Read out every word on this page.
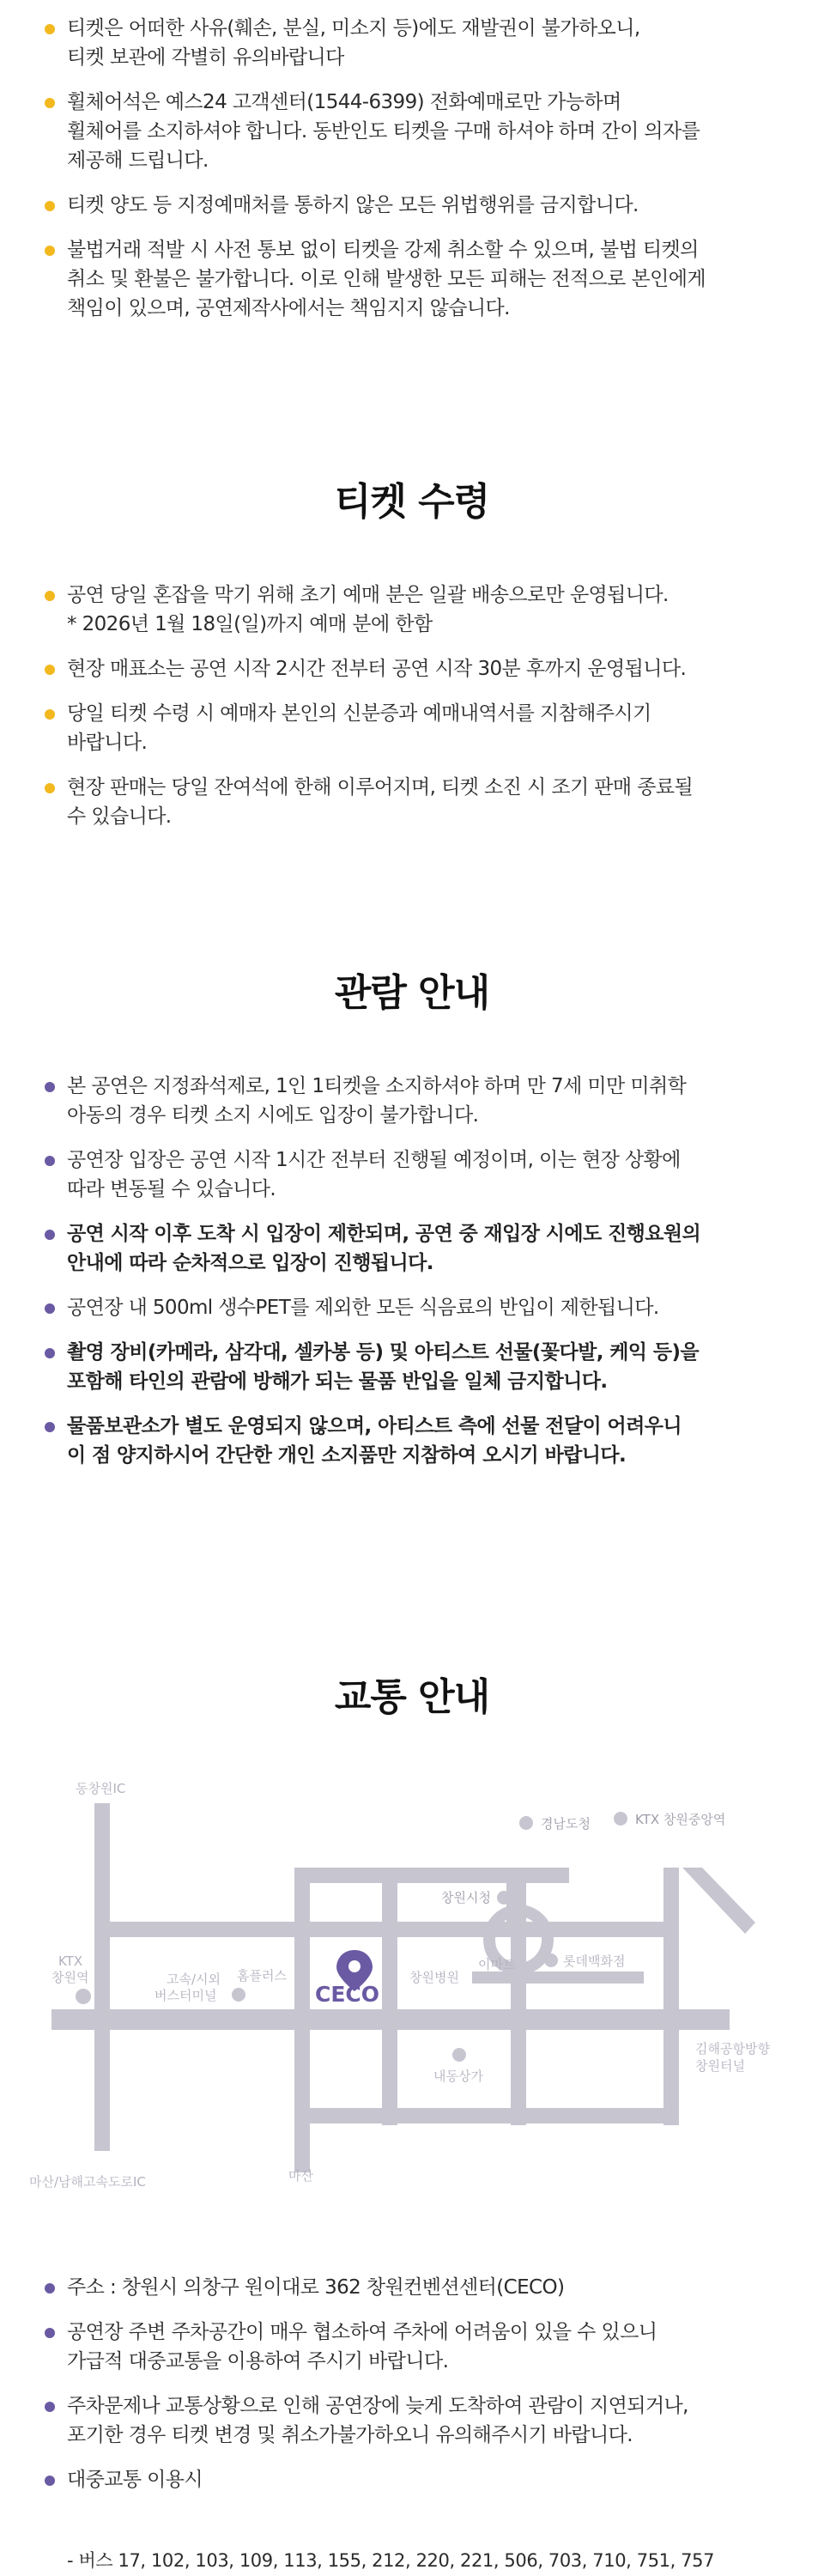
티켓은 어떠한 사유(훼손, 분실, 미소지 등)에도 재발권이 불가하오니,
티켓 보관에 각별히 유의바랍니다
휠체어석은 예스24 고객센터(1544-6399) 전화예매로만 가능하며
휠체어를 소지하셔야 합니다. 동반인도 티켓을 구매 하셔야 하며 간이 의자를
제공해 드립니다.
티켓 양도 등 지정예매처를 통하지 않은 모든 위법행위를 금지합니다.
불법거래 적발 시 사전 통보 없이 티켓을 강제 취소할 수 있으며, 불법 티켓의
취소 및 환불은 불가합니다. 이로 인해 발생한 모든 피해는 전적으로 본인에게
책임이 있으며, 공연제작사에서는 책임지지 않습니다.
티켓 수령
공연 당일 혼잡을 막기 위해 초기 예매 분은 일괄 배송으로만 운영됩니다.
* 2026년 1월 18일(일)까지 예매 분에 한함
현장 매표소는 공연 시작 2시간 전부터 공연 시작 30분 후까지 운영됩니다.
당일 티켓 수령 시 예매자 본인의 신분증과 예매내역서를 지참해주시기
바랍니다.
현장 판매는 당일 잔여석에 한해 이루어지며, 티켓 소진 시 조기 판매 종료될
수 있습니다.
관람 안내
본 공연은 지정좌석제로, 1인 1티켓을 소지하셔야 하며 만 7세 미만 미취학
아동의 경우 티켓 소지 시에도 입장이 불가합니다.
공연장 입장은 공연 시작 1시간 전부터 진행될 예정이며, 이는 현장 상황에
따라 변동될 수 있습니다.
공연 시작 이후 도착 시 입장이 제한되며, 공연 중 재입장 시에도 진행요원의
안내에 따라 순차적으로 입장이 진행됩니다.
공연장 내 500ml 생수PET를 제외한 모든 식음료의 반입이 제한됩니다.
촬영 장비(카메라, 삼각대, 셀카봉 등) 및 아티스트 선물(꽃다발, 케익 등)을
포함해 타인의 관람에 방해가 되는 물품 반입을 일체 금지합니다.
물품보관소가 별도 운영되지 않으며, 아티스트 측에 선물 전달이 어려우니
이 점 양지하시어 간단한 개인 소지품만 지참하여 오시기 바랍니다.
교통 안내
동창원IC
경남도청	KTX 창원중앙역
창원시청
KTX
창원역	고속/시외
버스터미널
홈플러스
CECO
창원병원
이마트	롯데백화점
내동상가
김해공항방향
창원터널
마산/남해고속도로IC	마산
주소 : 창원시 의창구 원이대로 362 창원컨벤션센터(CECO)
공연장 주변 주차공간이 매우 협소하여 주차에 어려움이 있을 수 있으니
가급적 대중교통을 이용하여 주시기 바랍니다.
주차문제나 교통상황으로 인해 공연장에 늦게 도착하여 관람이 지연되거나,
포기한 경우 티켓 변경 및 취소가불가하오니 유의해주시기 바랍니다.
대중교통 이용시
- 버스 17, 102, 103, 109, 113, 155, 212, 220, 221, 506, 703, 710, 751, 757
